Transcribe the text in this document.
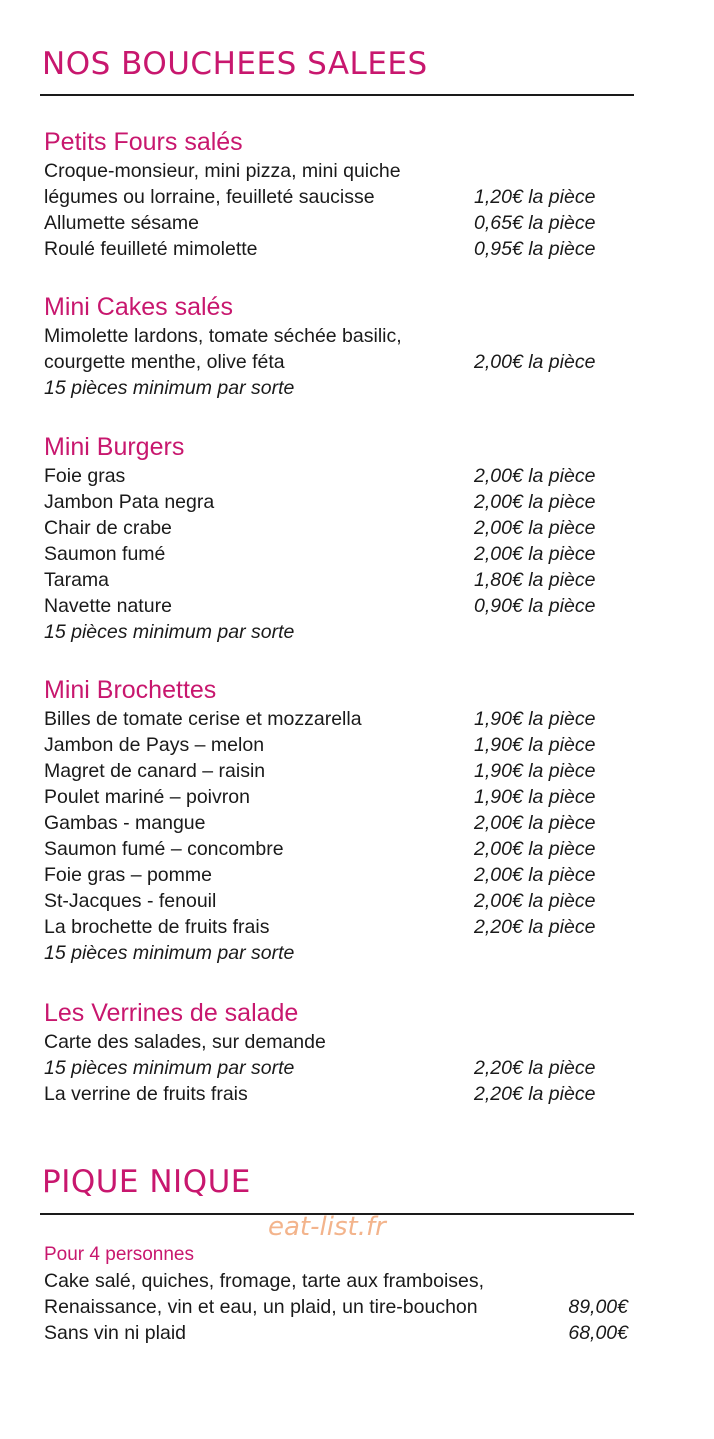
NOS BOUCHEES SALEES
Petits Fours salés
Croque-monsieur, mini pizza, mini quiche
légumes ou lorraine, feuilleté saucisse	1,20€ la pièce
Allumette sésame	0,65€ la pièce
Roulé feuilleté mimolette	0,95€ la pièce
Mini Cakes salés
Mimolette lardons, tomate séchée basilic,
courgette menthe, olive féta	2,00€ la pièce
15 pièces minimum par sorte
Mini Burgers
Foie gras	2,00€ la pièce
Jambon Pata negra	2,00€ la pièce
Chair de crabe	2,00€ la pièce
Saumon fumé	2,00€ la pièce
Tarama	1,80€ la pièce
Navette nature	0,90€ la pièce
15 pièces minimum par sorte
Mini Brochettes
Billes de tomate cerise et mozzarella	1,90€ la pièce
Jambon de Pays – melon	1,90€ la pièce
Magret de canard – raisin	1,90€ la pièce
Poulet mariné – poivron	1,90€ la pièce
Gambas - mangue	2,00€ la pièce
Saumon fumé – concombre	2,00€ la pièce
Foie gras – pomme	2,00€ la pièce
St-Jacques - fenouil	2,00€ la pièce
La brochette de fruits frais	2,20€ la pièce
15 pièces minimum par sorte
Les Verrines de salade
Carte des salades, sur demande
15 pièces minimum par sorte	2,20€ la pièce
La verrine de fruits frais	2,20€ la pièce
PIQUE NIQUE
eat-list.fr
Pour 4 personnes
Cake salé, quiches, fromage, tarte aux framboises,
Renaissance, vin et eau, un plaid, un tire-bouchon	89,00€
Sans vin ni plaid	68,00€
